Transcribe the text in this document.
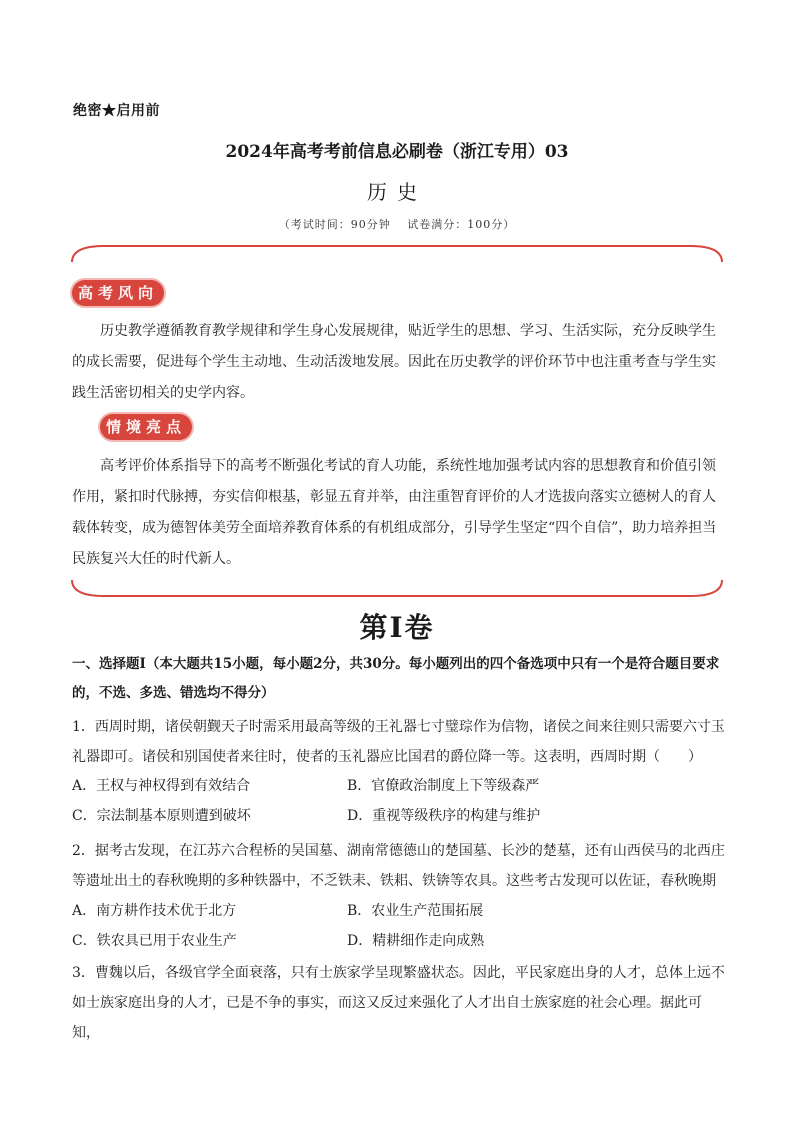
绝密★启用前
2024年高考考前信息必刷卷（浙江专用）03
历史
（考试时间：90分钟　 试卷满分：100分）
高考风向
历史教学遵循教育教学规律和学生身心发展规律，贴近学生的思想、学习、生活实际，充分反映学生的成长需要，促进每个学生主动地、生动活泼地发展。因此在历史教学的评价环节中也注重考查与学生实践生活密切相关的史学内容。
情境亮点
高考评价体系指导下的高考不断强化考试的育人功能，系统性地加强考试内容的思想教育和价值引领作用，紧扣时代脉搏，夯实信仰根基，彰显五育并举，由注重智育评价的人才选拔向落实立德树人的育人载体转变，成为德智体美劳全面培养教育体系的有机组成部分，引导学生坚定“四个自信”，助力培养担当民族复兴大任的时代新人。
第I卷
一、选择题I（本大题共15小题，每小题2分，共30分。每小题列出的四个备选项中只有一个是符合题目要求的，不选、多选、错选均不得分）
1．西周时期，诸侯朝觐天子时需采用最高等级的王礼器七寸璧琮作为信物，诸侯之间来往则只需要六寸玉礼器即可。诸侯和别国使者来往时，使者的玉礼器应比国君的爵位降一等。这表明，西周时期（　　）
A．王权与神权得到有效结合	B．官僚政治制度上下等级森严
C．宗法制基本原则遭到破坏	D．重视等级秩序的构建与维护
2．据考古发现，在江苏六合程桥的吴国墓、湖南常德德山的楚国墓、长沙的楚墓，还有山西侯马的北西庄等遗址出土的春秋晚期的多种铁器中，不乏铁耒、铁耜、铁锛等农具。这些考古发现可以佐证，春秋晚期
A．南方耕作技术优于北方	B．农业生产范围拓展
C．铁农具已用于农业生产	D．精耕细作走向成熟
3．曹魏以后，各级官学全面衰落，只有士族家学呈现繁盛状态。因此，平民家庭出身的人才，总体上远不如士族家庭出身的人才，已是不争的事实，而这又反过来强化了人才出自士族家庭的社会心理。据此可知，
